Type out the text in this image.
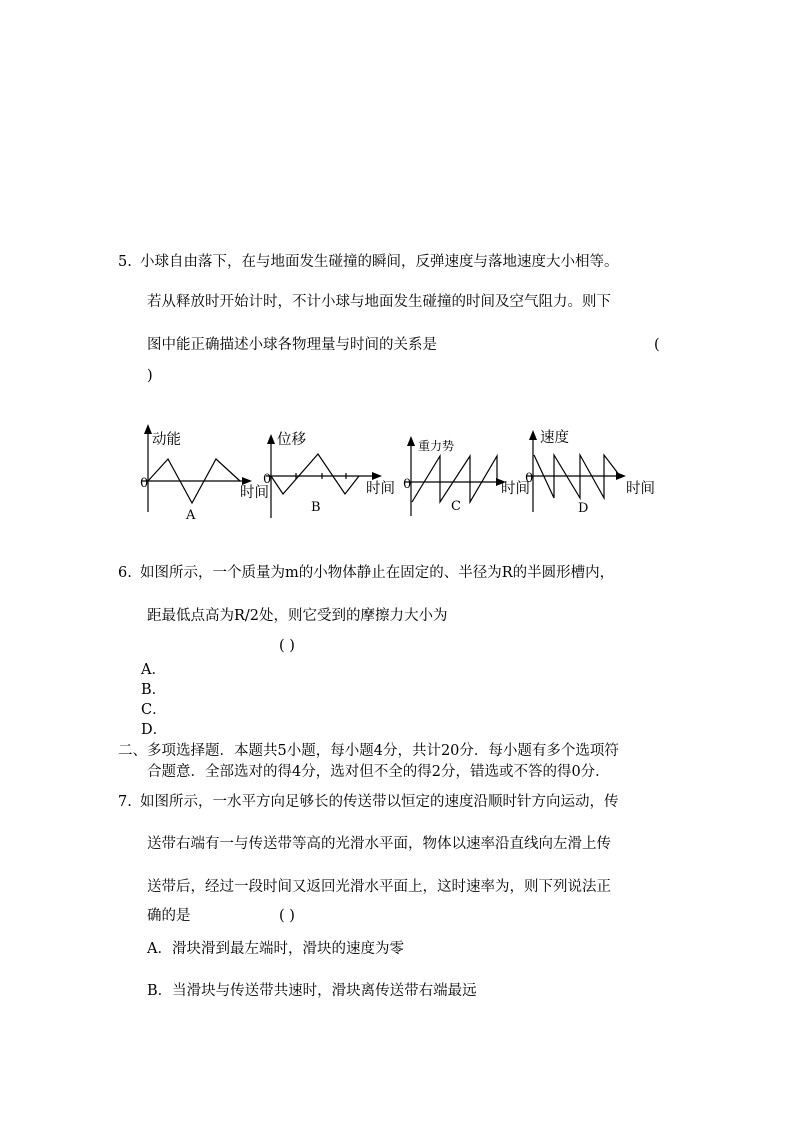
5. 小球自由落下，在与地面发生碰撞的瞬间，反弹速度与落地速度大小相等。
若从释放时开始计时，不计小球与地面发生碰撞的时间及空气阻力。则下
图中能正确描述小球各物理量与时间的关系是	(
)
动能
0
时间
A
位移
0
时间
B
重力势
0	时间
C
速度
0
时间
D
6. 如图所示，一个质量为m的小物体静止在固定的、半径为R的半圆形槽内，
距最低点高为R/2处，则它受到的摩擦力大小为
( )
A．
B．
C．
D．
二、多项选择题．本题共5小题，每小题4分，共计20分．每小题有多个选项符
合题意．全部选对的得4分，选对但不全的得2分，错选或不答的得0分．
7. 如图所示，一水平方向足够长的传送带以恒定的速度沿顺时针方向运动，传
送带右端有一与传送带等高的光滑水平面，物体以速率沿直线向左滑上传
送带后，经过一段时间又返回光滑水平面上，这时速率为，则下列说法正
确的是	( )
A．滑块滑到最左端时，滑块的速度为零
B．当滑块与传送带共速时，滑块离传送带右端最远
